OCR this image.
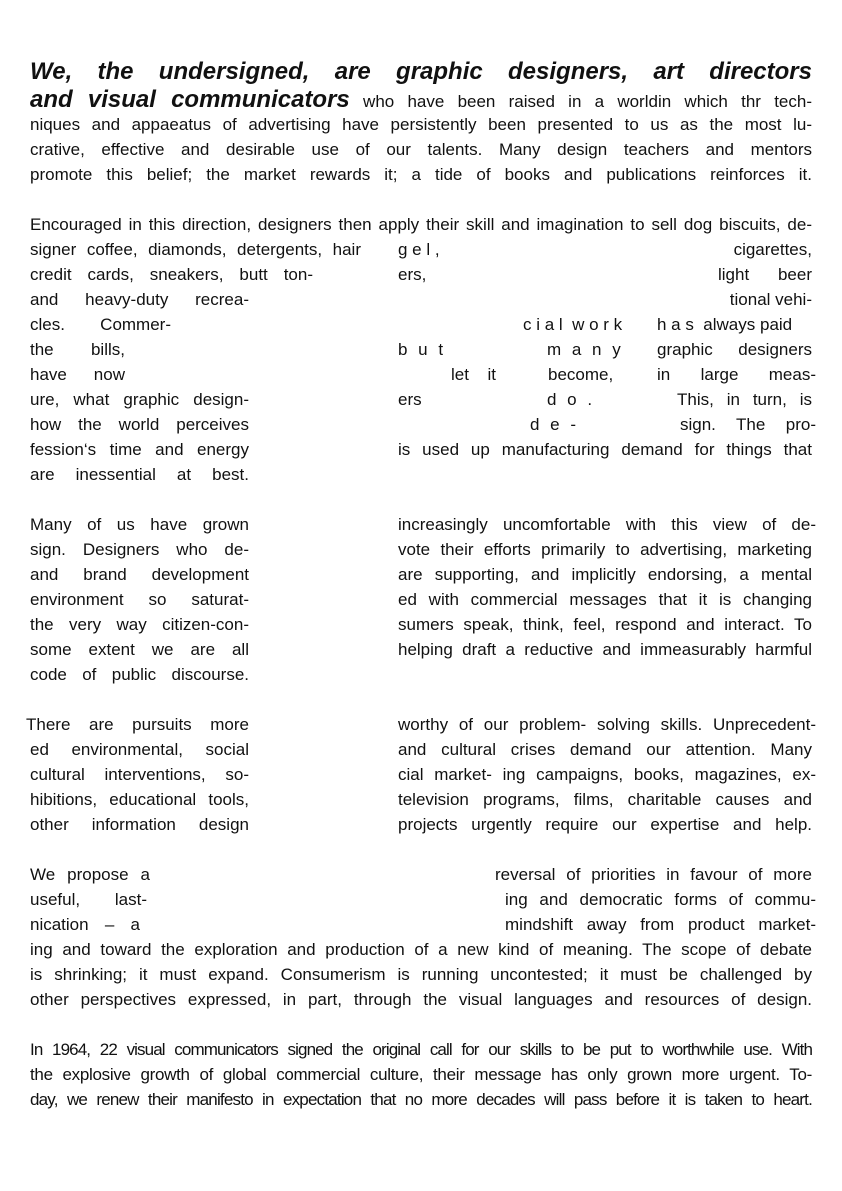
We, the undersigned, are graphic designers, art directors
and visual communicators who have been raised in a worldin which thr tech-
niques and appaeatus of advertising have persistently been presented to us as the most lu-
crative, effective and desirable use of our talents. Many design teachers and mentors
promote this belief; the market rewards it; a tide of books and publications reinforces it.
Encouraged in this direction, designers then apply their skill and imagination to sell dog biscuits, de-
signer coffee, diamonds, detergents, hair
credit cards, sneakers, butt ton-
and heavy-duty recrea-
cles. Commer-
the bills,
have now
ure, what graphic design-
how the world perceives
fession‘s time and energy
are inessential at best.
g e l ,	cigarettes,
ers,	light beer
tional vehi-
c i a l  w o r k h a s  always paid
b u t	m a n y graphic designers
let it	become,	in large meas-
ers	d o .	This, in turn, is
d e -	sign. The pro-
is used up manufacturing demand for things that
Many of us have grown
sign. Designers who de-
and brand development
environment so saturat-
the very way citizen-con-
some extent we are all
code of public discourse.
increasingly uncomfortable with this view of de-
vote their efforts primarily to advertising, marketing
are supporting, and implicitly endorsing, a mental
ed with commercial messages that it is changing
sumers speak, think, feel, respond and interact. To
helping draft a reductive and immeasurably harmful
There are pursuits more
ed environmental, social
cultural interventions, so-
hibitions, educational tools,
other information design
worthy of our problem- solving skills. Unprecedent-
and cultural crises demand our attention. Many
cial market- ing campaigns, books, magazines, ex-
television programs, films, charitable causes and
projects urgently require our expertise and help.
We propose a
useful, last-
nication – a
reversal of priorities in favour of more
ing and democratic forms of commu-
mindshift away from product market-
ing and toward the exploration and production of a new kind of meaning. The scope of debate
is shrinking; it must expand. Consumerism is running uncontested; it must be challenged by
other perspectives expressed, in part, through the visual languages and resources of design.
In 1964, 22 visual communicators signed the original call for our skills to be put to worthwhile use. With
the explosive growth of global commercial culture, their message has only grown more urgent. To-
day, we renew their manifesto in expectation that no more decades will pass before it is taken to heart.
